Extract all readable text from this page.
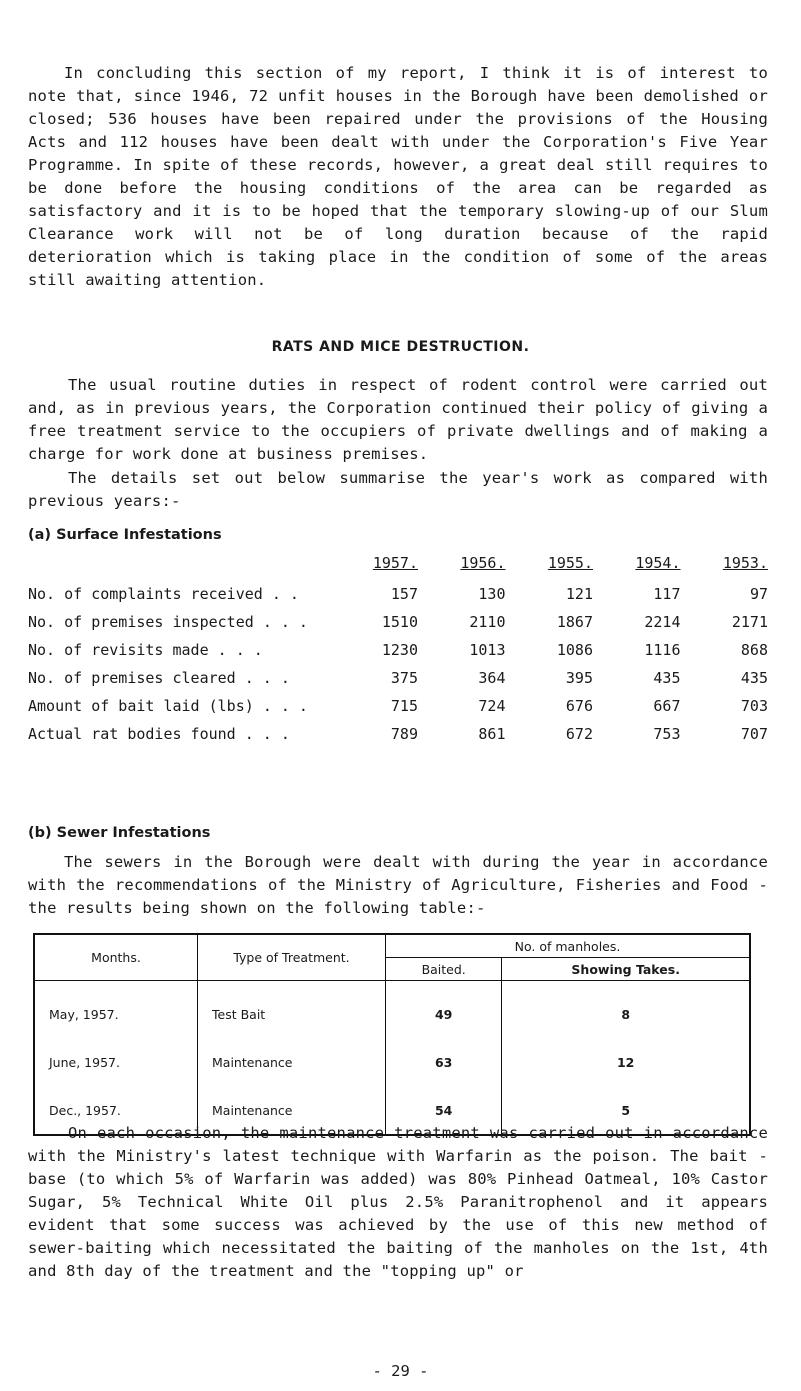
In concluding this section of my report, I think it is of interest to note that, since 1946, 72 unfit houses in the Borough have been demolished or closed; 536 houses have been repaired under the provisions of the Housing Acts and 112 houses have been dealt with under the Corporation's Five Year Programme. In spite of these records, however, a great deal still requires to be done before the housing conditions of the area can be regarded as satisfactory and it is to be hoped that the temporary slowing-up of our Slum Clearance work will not be of long duration because of the rapid deterioration which is taking place in the condition of some of the areas still awaiting attention.

RATS AND MICE DESTRUCTION.

The usual routine duties in respect of rodent control were carried out and, as in previous years, the Corporation continued their policy of giving a free treatment service to the occupiers of private dwellings and of making a charge for work done at business premises.

The details set out below summarise the year's work as compared with previous years:-

(a) Surface Infestations

	1957.	1956.	1955.	1954.	1953.
No. of complaints received . .	157	130	121	117	97
No. of premises inspected . . .	1510	2110	1867	2214	2171
No. of revisits made . . .	1230	1013	1086	1116	868
No. of premises cleared . . .	375	364	395	435	435
Amount of bait laid (lbs) . . .	715	724	676	667	703
Actual rat bodies found . . .	789	861	672	753	707

(b) Sewer Infestations

The sewers in the Borough were dealt with during the year in accordance with the recommendations of the Ministry of Agriculture, Fisheries and Food - the results being shown on the following table:-

Months.	Type of Treatment.	No. of manholes.	
		Baited.	Showing Takes.
May, 1957.	Test Bait	49	8
June, 1957.	Maintenance	63	12
Dec., 1957.	Maintenance	54	5

On each occasion, the maintenance treatment was carried out in accordance with the Ministry's latest technique with Warfarin as the poison. The bait - base (to which 5% of Warfarin was added) was 80% Pinhead Oatmeal, 10% Castor Sugar, 5% Technical White Oil plus 2.5% Paranitrophenol and it appears evident that some success was achieved by the use of this new method of sewer-baiting which necessitated the baiting of the manholes on the 1st, 4th and 8th day of the treatment and the "topping up" or

- 29 -
